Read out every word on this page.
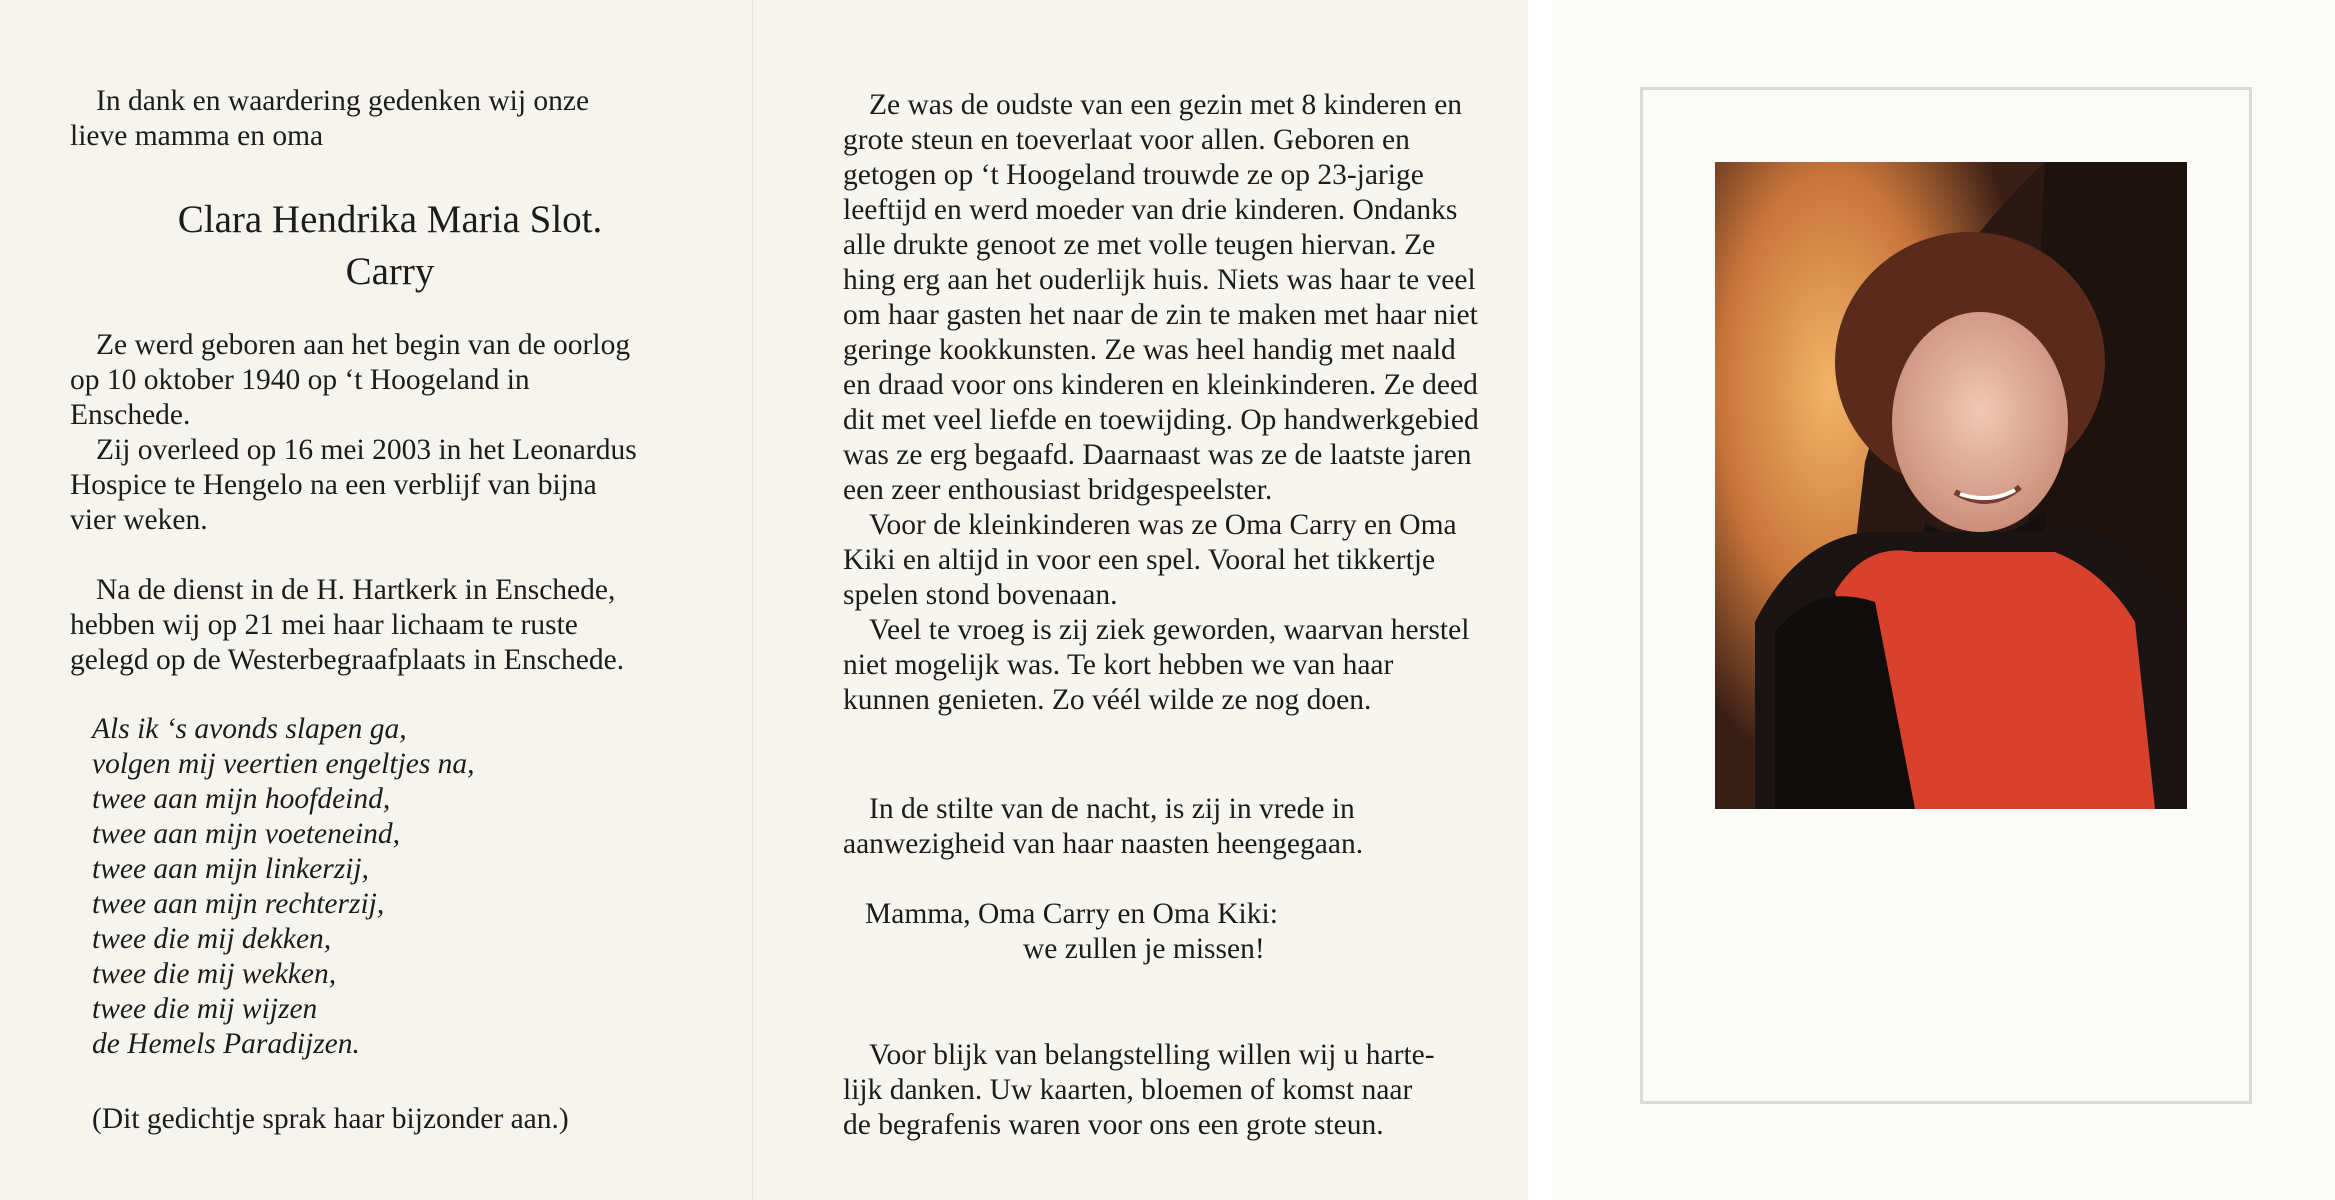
In dank en waardering gedenken wij onze
lieve mamma en oma
Clara Hendrika Maria Slot.
Carry
Ze werd geboren aan het begin van de oorlog
op 10 oktober 1940 op ‘t Hoogeland in
Enschede.
Zij overleed op 16 mei 2003 in het Leonardus
Hospice te Hengelo na een verblijf van bijna
vier weken.
Na de dienst in de H. Hartkerk in Enschede,
hebben wij op 21 mei haar lichaam te ruste
gelegd op de Westerbegraafplaats in Enschede.
Als ik ‘s avonds slapen ga,
volgen mij veertien engeltjes na,
twee aan mijn hoofdeind,
twee aan mijn voeteneind,
twee aan mijn linkerzij,
twee aan mijn rechterzij,
twee die mij dekken,
twee die mij wekken,
twee die mij wijzen
de Hemels Paradijzen.
(Dit gedichtje sprak haar bijzonder aan.)

Ze was de oudste van een gezin met 8 kinderen en grote steun en toeverlaat voor allen. Geboren en getogen op ‘t Hoogeland trouwde ze op 23-jarige leeftijd en werd moeder van drie kinderen. Ondanks alle drukte genoot ze met volle teugen hiervan. Ze hing erg aan het ouderlijk huis. Niets was haar te veel om haar gasten het naar de zin te maken met haar niet geringe kookkunsten. Ze was heel handig met naald en draad voor ons kinderen en kleinkinderen. Ze deed dit met veel liefde en toewijding. Op handwerkgebied was ze erg begaafd. Daarnaast was ze de laatste jaren een zeer enthousiast bridgespeelster.

Voor de kleinkinderen was ze Oma Carry en Oma Kiki en altijd in voor een spel. Vooral het tikkertje spelen stond bovenaan.

Veel te vroeg is zij ziek geworden, waarvan herstel niet mogelijk was. Te kort hebben we van haar kunnen genieten. Zo véél wilde ze nog doen.

In de stilte van de nacht, is zij in vrede in
aanwezigheid van haar naasten heengegaan.
Mamma, Oma Carry en Oma Kiki:
we zullen je missen!
Voor blijk van belangstelling willen wij u harte-
lijk danken. Uw kaarten, bloemen of komst naar
de begrafenis waren voor ons een grote steun.
